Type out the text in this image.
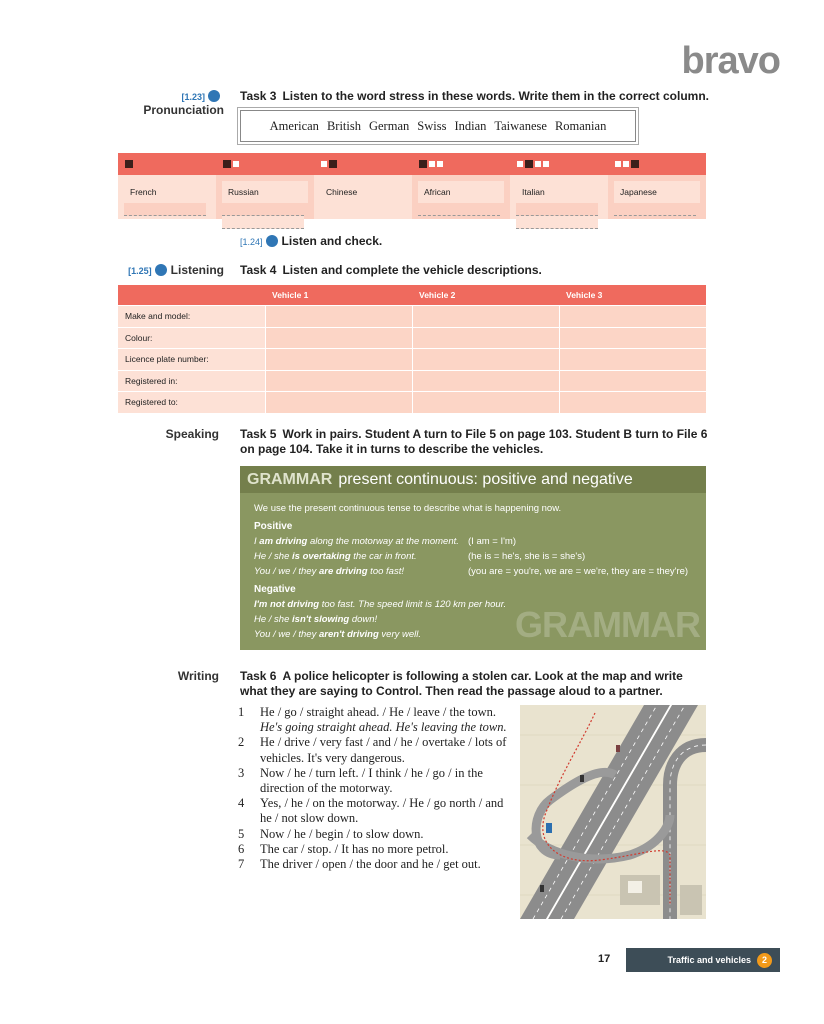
bravo
[1.23]Pronunciation
Task 3 Listen to the word stress in these words. Write them in the correct column.
American British German Swiss Indian Taiwanese Romanian
French	Russian	Chinese	African	Italian	Japanese
[1.24] Listen and check.
[1.25] Listening Task 4 Listen and complete the vehicle descriptions.
Vehicle 1	Vehicle 2	Vehicle 3
Make and model:
Colour:
Licence plate number:
Registered in:
Registered to:
Speaking Task 5 Work in pairs. Student A turn to File 5 on page 103. Student B turn to File 6 on page 104. Take it in turns to describe the vehicles.
GRAMMAR present continuous: positive and negative
We use the present continuous tense to describe what is happening now.
Positive
I am driving along the motorway at the moment. (I am = I'm)
He / she is overtaking the car in front.	(he is = he's, she is = she's)
You / we / they are driving too fast!	(you are = you're, we are = we're, they are = they're)
Negative
I'm not driving too fast. The speed limit is 120 km per hour.
He / she isn't slowing down!
You / we / they aren't driving very well.	GRAMMAR
Writing Task 6 A police helicopter is following a stolen car. Look at the map and write what they are saying to Control. Then read the passage aloud to a partner.
1	He / go / straight ahead. / He / leave / the town.
He's going straight ahead. He's leaving the town.
2	He / drive / very fast / and / he / overtake / lots of vehicles. It's very dangerous.
3	Now / he / turn left. / I think / he / go / in the direction of the motorway.
4	Yes, / he / on the motorway. / He / go north / and he / not slow down.
5	Now / he / begin / to slow down.
6	The car / stop. / It has no more petrol.
7	The driver / open / the door and he / get out.
17	Traffic and vehicles	2
